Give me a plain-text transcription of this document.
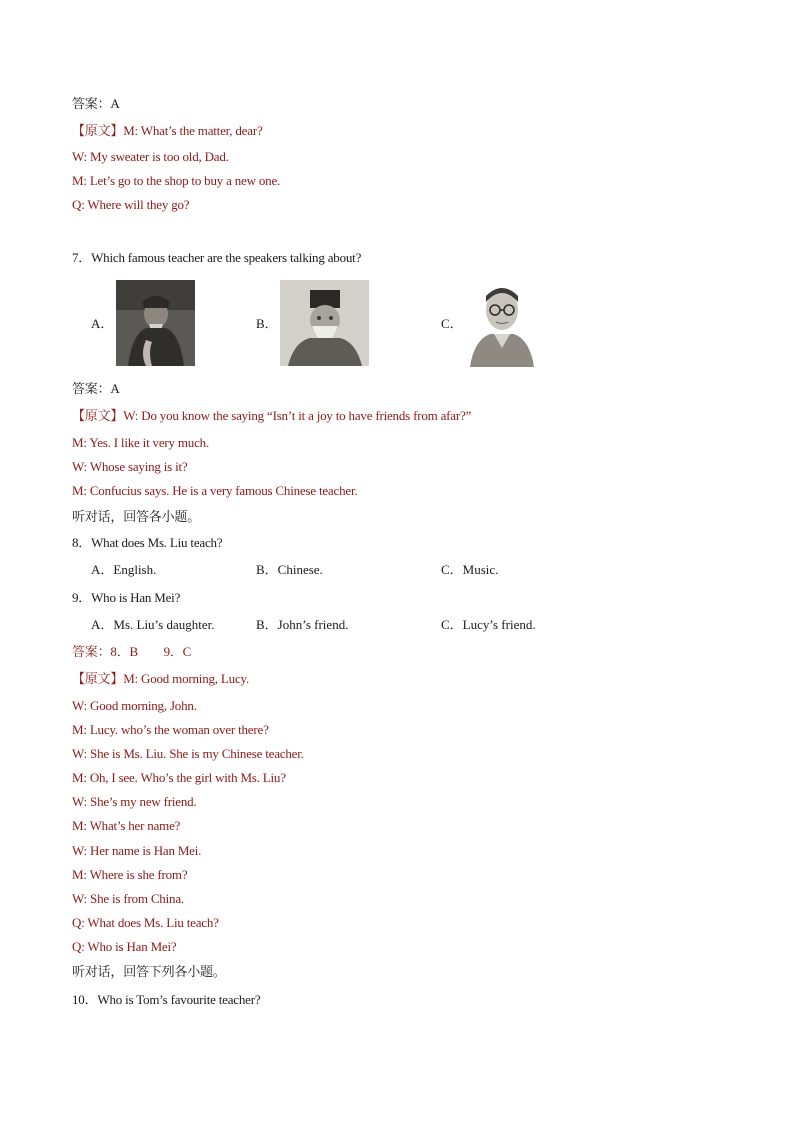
答案：A
【原文】M: What’s the matter, dear?
W: My sweater is too old, Dad.
M: Let’s go to the shop to buy a new one.
Q: Where will they go?
7．Which famous teacher are the speakers talking about?
A．	B．	C．
答案：A
【原文】W: Do you know the saying “Isn’t it a joy to have friends from afar?”
M: Yes. I like it very much.
W: Whose saying is it?
M: Confucius says. He is a very famous Chinese teacher.
听对话，回答各小题。
8．What does Ms. Liu teach?
A．English.	B．Chinese.	C．Music.
9．Who is Han Mei?
A．Ms. Liu’s daughter.	B．John’s friend.	C．Lucy’s friend.
答案：8．B　　9．C
【原文】M: Good morning, Lucy.
W: Good morning, John.
M: Lucy. who’s the woman over there?
W: She is Ms. Liu. She is my Chinese teacher.
M: Oh, I see. Who’s the girl with Ms. Liu?
W: She’s my new friend.
M: What’s her name?
W: Her name is Han Mei.
M: Where is she from?
W: She is from China.
Q: What does Ms. Liu teach?
Q: Who is Han Mei?
听对话，回答下列各小题。
10．Who is Tom’s favourite teacher?
